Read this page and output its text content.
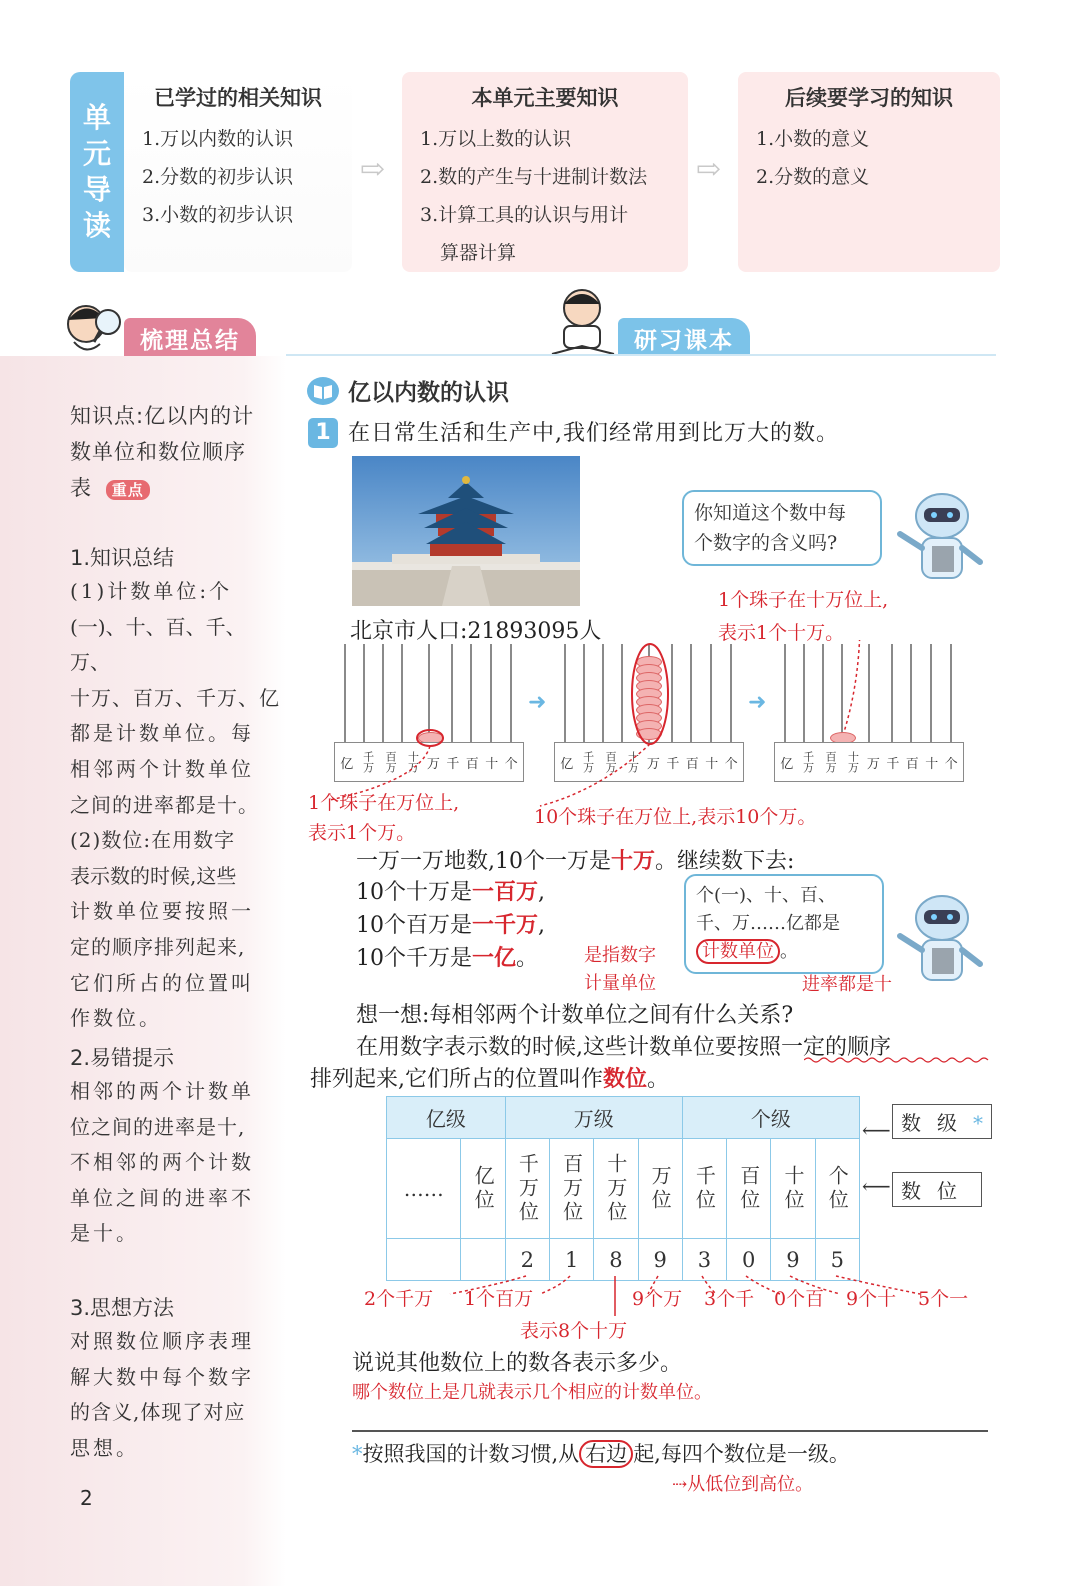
单
元
导
读
已学过的相关知识
1.万以内数的认识
2.分数的初步认识
3.小数的初步认识
⇨
本单元主要知识
1.万以上数的认识
2.数的产生与十进制计数法
3.计算工具的认识与用计
算器计算
⇨
后续要学习的知识
1.小数的意义
2.分数的意义
梳理总结	研习课本
知识点:亿以内的计
数单位和数位顺序
表 重点
1.知识总结
(1)计数单位:个
(一)、十、百、千、万、
十万、百万、千万、亿
都是计数单位。每
相邻两个计数单位
之间的进率都是十。
(2)数位:在用数字
表示数的时候,这些
计数单位要按照一
定的顺序排列起来,
它们所占的位置叫
作数位。
2.易错提示
相邻的两个计数单
位之间的进率是十,
不相邻的两个计数
单位之间的进率不
是十。
3.思想方法
对照数位顺序表理
解大数中每个数字
的含义,体现了对应
思想。
2
亿以内数的认识
1 在日常生活和生产中,我们经常用到比万大的数。
北京市人口:21893095人
你知道这个数中每
个数字的含义吗?
1个珠子在十万位上,
表示1个十万。
亿 千万 百万 十万 万 千 百 十 个
➜
亿 千万 百万 十万 万 千 百 十 个
➜
亿 千万 百万 十万 万 千 百 十 个
1个珠子在万位上,
表示1个万。
10个珠子在万位上,表示10个万。
一万一万地数,10个一万是十万。继续数下去:
10个十万是一百万,
10个百万是一千万,
10个千万是一亿。
个(一)、十、百、
千、万……亿都是
计数单位 。
是指数字
计量单位	进率都是十
想一想:每相邻两个计数单位之间有什么关系?
在用数字表示数的时候,这些计数单位要按照一定的顺序
排列起来,它们所占的位置叫作数位。
亿级		万级				个级			
……	亿位	千万位	百万位	十万位	万位	千位	百位	十位	个位

		2	1	8	9	3	0	9	5
⟵ 数级*
⟵ 数位
2个千万 1个百万	9个万 3个千 0个百 9个十 5个一
表示8个十万
说说其他数位上的数各表示多少。
哪个数位上是几就表示几个相应的计数单位。
*按照我国的计数习惯,从 右边 起,每四个数位是一级。
⇢从低位到高位。
